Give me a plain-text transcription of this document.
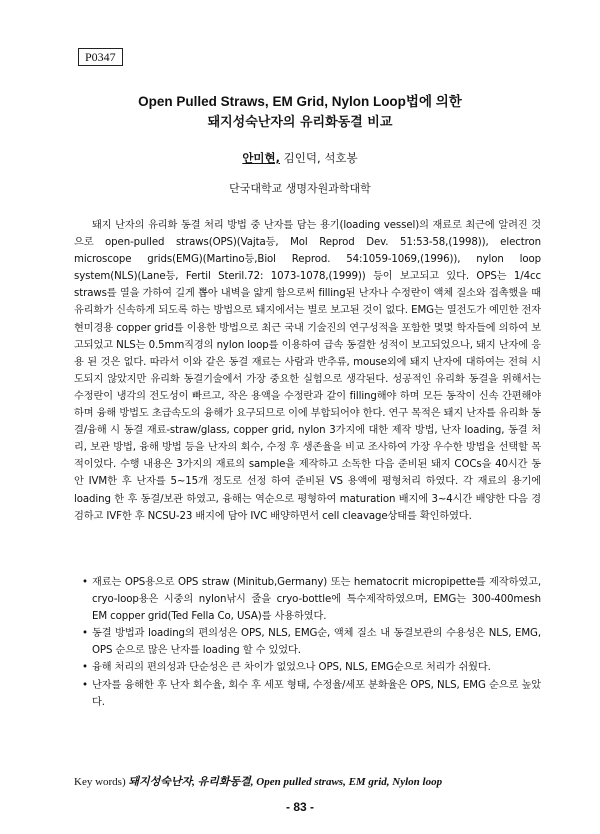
P0347
Open Pulled Straws, EM Grid, Nylon Loop법에 의한
돼지성숙난자의 유리화동결 비교
안미현, 김인덕, 석호봉
단국대학교 생명자원과학대학
돼지 난자의 유리화 동결 처리 방법 중 난자를 담는 용기(loading vessel)의 재료로 최근에 알려진 것으로 open-pulled straws(OPS)(Vajta등, Mol Reprod Dev. 51:53-58,(1998)), electron microscope grids(EMG)(Martino등,Biol Reprod. 54:1059-1069,(1996)), nylon loop system(NLS)(Lane등, Fertil Steril.72: 1073-1078,(1999)) 등이 보고되고 있다. OPS는 1/4cc straws를 열을 가하여 길게 뽑아 내벽을 얇게 함으로써 filling된 난자나 수정란이 액체 질소와 접촉했을 때 유리화가 신속하게 되도록 하는 방법으로 돼지에서는 별로 보고된 것이 없다. EMG는 열전도가 예민한 전자현미경용 copper grid를 이용한 방법으로 최근 국내 기술진의 연구성적을 포함한 몇몇 학자들에 의하여 보고되었고 NLS는 0.5mm직경의 nylon loop를 이용하여 급속 동결한 성적이 보고되었으나, 돼지 난자에 응용 된 것은 없다. 따라서 이와 같은 동결 재료는 사람과 반추류, mouse외에 돼지 난자에 대하여는 전혀 시도되지 않았지만 유리화 동결기술에서 가장 중요한 실험으로 생각된다. 성공적인 유리화 동결을 위해서는 수정란이 냉각의 전도성이 빠르고, 작은 용액을 수정란과 같이 filling해야 하며 모든 동작이 신속 간편해야 하며 융해 방법도 초급속도의 융해가 요구되므로 이에 부합되어야 한다. 연구 목적은 돼지 난자를 유리화 동결/융해 시 동결 재료-straw/glass, copper grid, nylon 3가지에 대한 제작 방법, 난자 loading, 동결 처리, 보관 방법, 융해 방법 등을 난자의 회수, 수정 후 생존율을 비교 조사하여 가장 우수한 방법을 선택할 목적이었다. 수행 내용은 3가지의 재료의 sample을 제작하고 소독한 다음 준비된 돼지 COCs을 40시간 동안 IVM한 후 난자를 5~15개 정도로 선정 하여 준비된 VS 용액에 평형처리 하였다. 각 재료의 용기에 loading 한 후 동결/보관 하였고, 융해는 역순으로 평형하여 maturation 배지에 3~4시간 배양한 다음 경검하고 IVF한 후 NCSU-23 배지에 담아 IVC 배양하면서 cell cleavage상태를 확인하였다.
• 재료는 OPS용으로 OPS straw (Minitub,Germany) 또는 hematocrit micropipette를 제작하였고, cryo-loop용은 시중의 nylon낚시 줄을 cryo-bottle에 특수제작하였으며, EMG는 300-400mesh EM copper grid(Ted Fella Co, USA)를 사용하였다.
• 동결 방법과 loading의 편의성은 OPS, NLS, EMG순, 액체 질소 내 동결보관의 수용성은 NLS, EMG, OPS 순으로 많은 난자를 loading 할 수 있었다.
• 융해 처리의 편의성과 단순성은 큰 차이가 없었으나 OPS, NLS, EMG순으로 처리가 쉬웠다.
• 난자를 융해한 후 난자 회수율, 회수 후 세포 형태, 수정율/세포 분화율은 OPS, NLS, EMG 순으로 높았다.
Key words) 돼지성숙난자, 유리화동결, Open pulled straws, EM grid, Nylon loop
- 83 -
